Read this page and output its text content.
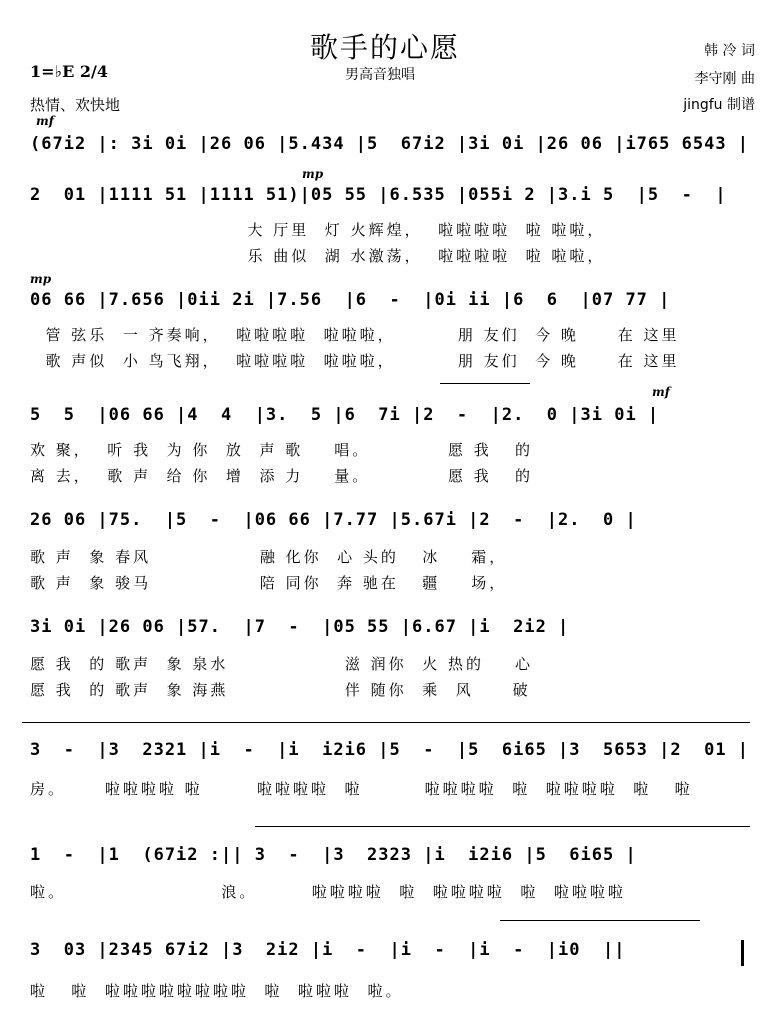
歌手的心愿
男高音独唱
韩 冷 词
李守刚 曲
jingfu 制谱
1=♭E 2/4
热情、欢快地
mf
(67i2 |: 3i 0i |26 06 |5.434 |5  67i2 |3i 0i |26 06 |i765 6543 |
mp
2  01 |1111 51 |1111 51)|05 55 |6.535 |055i 2 |3.i 5  |5  -  |
大 厅里  灯 火辉煌，  啦啦啦啦  啦 啦啦，
乐 曲似  湖 水激荡，  啦啦啦啦  啦 啦啦，
mp
06 66 |7.656 |0ii 2i |7.56  |6  -  |0i ii |6  6  |07 77 |
管 弦乐  一 齐奏响，  啦啦啦啦  啦啦啦，        朋 友们  今 晚     在 这里
歌 声似  小 鸟飞翔，  啦啦啦啦  啦啦啦，        朋 友们  今 晚     在 这里
mf
5  5  |06 66 |4  4  |3.  5 |6  7i |2  -  |2.  0 |3i 0i |
欢 聚，  听 我  为 你  放  声 歌    唱。          愿 我   的
离 去，  歌 声  给 你  增  添 力    量。          愿 我   的
26 06 |75.  |5  -  |06 66 |7.77 |5.67i |2  -  |2.  0 |
歌 声  象 春风              融 化你  心 头的   冰    霜，
歌 声  象 骏马              陪 同你  奔 驰在   疆    场，
3i 0i |26 06 |57.  |7  -  |05 55 |6.67 |i  2i2 |
愿 我  的 歌声  象 泉水               滋 润你  火 热的    心
愿 我  的 歌声  象 海燕               伴 随你  乘  风     破
3  -  |3  2321 |i  -  |i  i2i6 |5  -  |5  6i65 |3  5653 |2  01 |
房。     啦啦啦啦 啦       啦啦啦啦  啦        啦啦啦啦  啦  啦啦啦啦  啦   啦
1  -  |1  (67i2 :|| 3  -  |3  2323 |i  i2i6 |5  6i65 |
啦。                    浪。       啦啦啦啦  啦  啦啦啦啦  啦  啦啦啦啦
3  03 |2345 67i2 |3  2i2 |i  -  |i  -  |i  -  |i0  ||
啦   啦  啦啦啦啦啦啦啦啦  啦  啦啦啦  啦。
